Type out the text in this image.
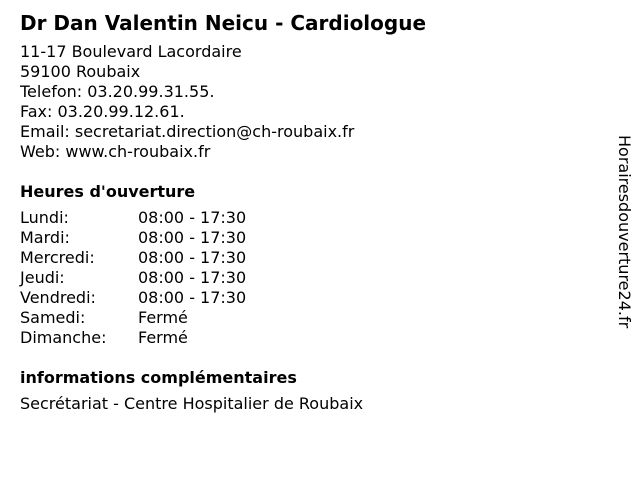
Dr Dan Valentin Neicu - Cardiologue
11-17 Boulevard Lacordaire
59100 Roubaix
Telefon: 03.20.99.31.55.
Fax: 03.20.99.12.61.
Email: secretariat.direction@ch-roubaix.fr
Web: www.ch-roubaix.fr
Heures d'ouverture
Lundi:	08:00 - 17:30
Mardi:	08:00 - 17:30
Mercredi:	08:00 - 17:30
Jeudi:	08:00 - 17:30
Vendredi:	08:00 - 17:30
Samedi:	Fermé
Dimanche:	Fermé
informations complémentaires
Secrétariat - Centre Hospitalier de Roubaix
Horairesdouverture24.fr
